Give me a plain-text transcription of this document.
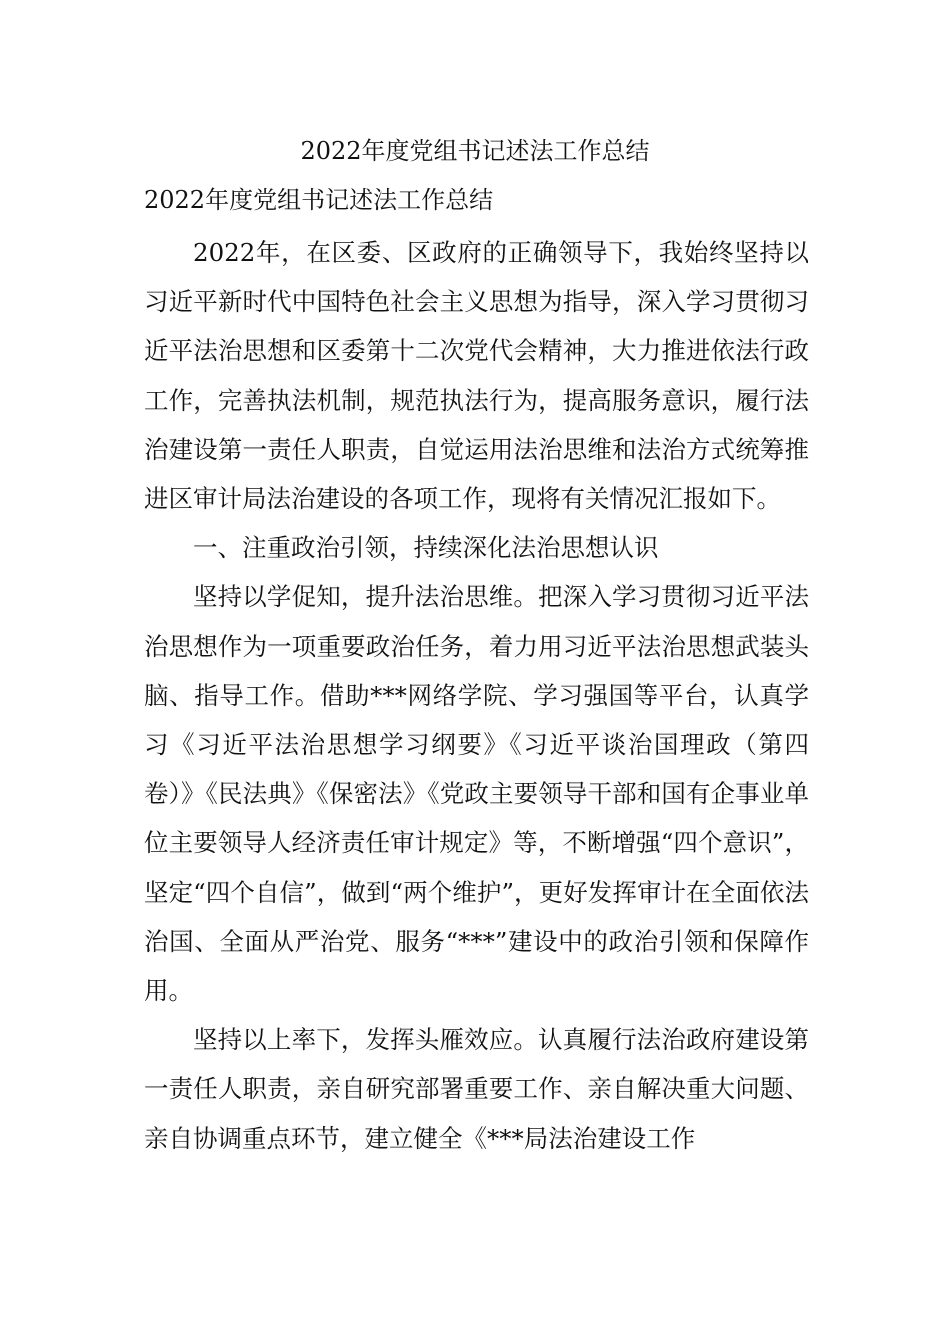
2022年度党组书记述法工作总结
2022年度党组书记述法工作总结

2022年，在区委、区政府的正确领导下，我始终坚持以习近平新时代中国特色社会主义思想为指导，深入学习贯彻习近平法治思想和区委第十二次党代会精神，大力推进依法行政工作，完善执法机制，规范执法行为，提高服务意识，履行法治建设第一责任人职责，自觉运用法治思维和法治方式统筹推进区审计局法治建设的各项工作，现将有关情况汇报如下。

一、注重政治引领，持续深化法治思想认识

坚持以学促知，提升法治思维。把深入学习贯彻习近平法治思想作为一项重要政治任务，着力用习近平法治思想武装头脑、指导工作。借助***网络学院、学习强国等平台，认真学习《习近平法治思想学习纲要》《习近平谈治国理政（第四卷）》《民法典》《保密法》《党政主要领导干部和国有企事业单位主要领导人经济责任审计规定》等，不断增强“四个意识”，坚定“四个自信”，做到“两个维护”，更好发挥审计在全面依法治国、全面从严治党、服务“***”建设中的政治引领和保障作用。

坚持以上率下，发挥头雁效应。认真履行法治政府建设第一责任人职责，亲自研究部署重要工作、亲自解决重大问题、亲自协调重点环节，建立健全《***局法治建设工作
